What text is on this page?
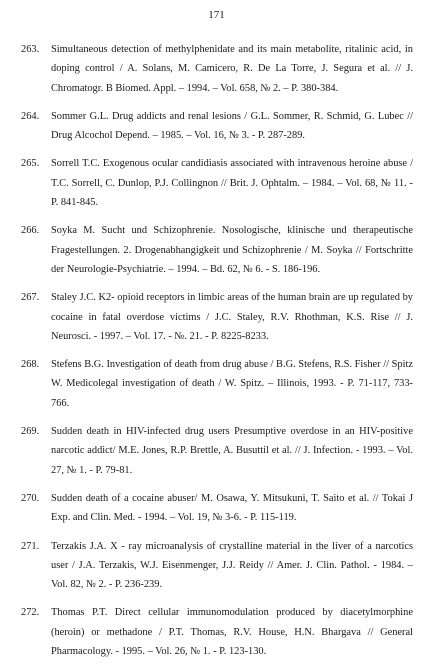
171
263. Simultaneous detection of methylphenidate and its main metabolite, ritalinic acid, in doping control / A. Solans, M. Camicero, R. De La Torre, J. Segura et al. // J. Chromatogr. B Biomed. Appl. – 1994. – Vol. 658, № 2. – P. 380-384.
264. Sommer G.L. Drug addicts and renal lesions / G.L. Sommer, R. Schmid, G. Lubec // Drug Alcochol Depend. – 1985. – Vol. 16, № 3. - P. 287-289.
265. Sorrell T.C. Exogenous ocular candidiasis associated with intravenous heroine abuse / T.C. Sorrell, C. Dunlop, P.J. Collingnon // Brit. J. Ophtalm. – 1984. – Vol. 68, № 11. - P. 841-845.
266. Soyka M. Sucht und Schizophrenie. Nosologische, klinische und therapeutische Fragestellungen. 2. Drogenabhangigkeit und Schizophrenie / M. Soyka // Fortschritte der Neurologie-Psychiatrie. – 1994. – Bd. 62, № 6. - S. 186-196.
267. Staley J.C. K2- opioid receptors in limbic areas of the human brain are up regulated by cocaine in fatal overdose victims / J.C. Staley, R.V. Rhothman, K.S. Rise // J. Neurosci. - 1997. – Vol. 17. - №. 21. - P. 8225-8233.
268. Stefens B.G. Investigation of death from drug abuse / B.G. Stefens, R.S. Fisher // Spitz W. Medicolegal investigation of death / W. Spitz. – Illinois, 1993. - P. 71-117, 733-766.
269. Sudden death in HIV-infected drug users Presumptive overdose in an HIV-positive narcotic addict/ M.E. Jones, R.P. Brettle, A. Busuttil et al. // J. Infection. - 1993. – Vol. 27, № 1. - P. 79-81.
270. Sudden death of a cocaine abuser/ M. Osawa, Y. Mitsukuni, T. Saito et al. // Tokai J Exp. and Clin. Med. - 1994. – Vol. 19, № 3-6. - P. 115-119.
271. Terzakis J.A. X - ray microanalysis of crystalline material in the liver of a narcotics user / J.A. Terzakis, W.J. Eisenmenger, J.J. Reidy // Amer. J. Clin. Pathol. - 1984. – Vol. 82, № 2. - P. 236-239.
272. Thomas P.T. Direct cellular immunomodulation produced by diacetylmorphine (heroin) or methadone / P.T. Thomas, R.V. House, H.N. Bhargava // General Pharmacology. - 1995. – Vol. 26, № 1. - P. 123-130.
